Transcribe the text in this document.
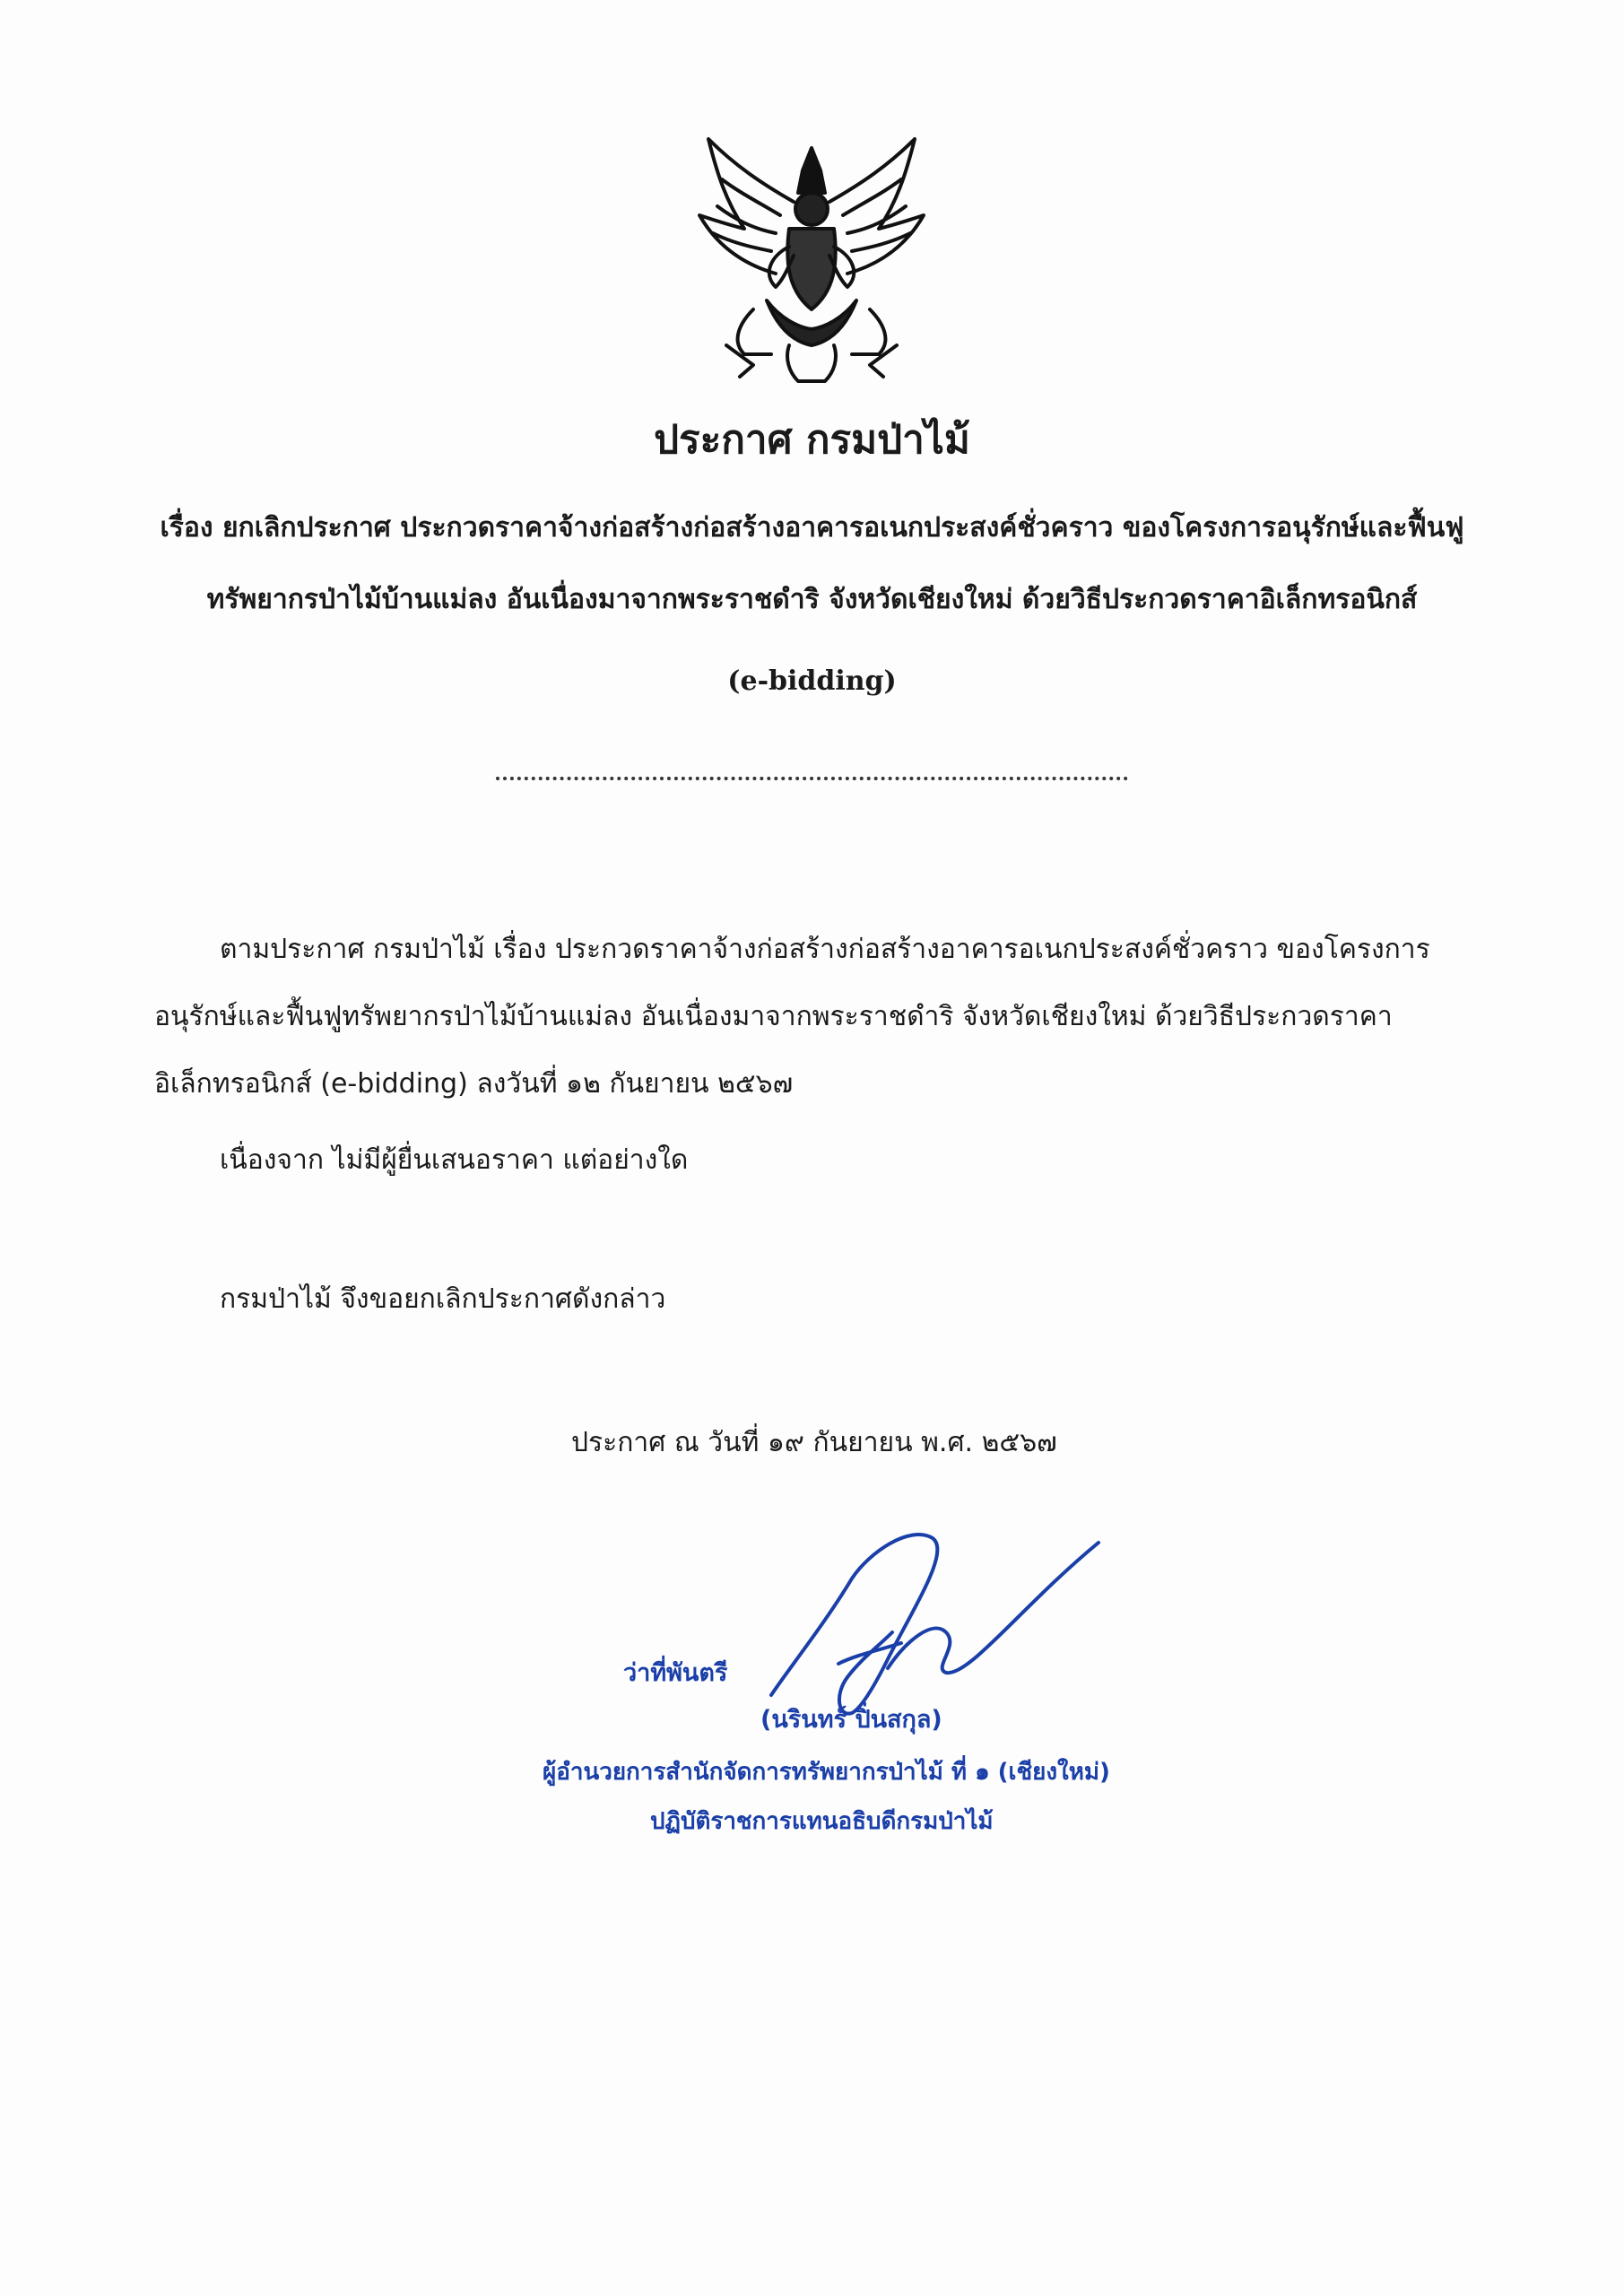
ประกาศ กรมป่าไม้
เรื่อง ยกเลิกประกาศ ประกวดราคาจ้างก่อสร้างก่อสร้างอาคารอเนกประสงค์ชั่วคราว ของโครงการอนุรักษ์และฟื้นฟู
ทรัพยากรป่าไม้บ้านแม่ลง อันเนื่องมาจากพระราชดำริ จังหวัดเชียงใหม่ ด้วยวิธีประกวดราคาอิเล็กทรอนิกส์
(e-bidding)
ตามประกาศ กรมป่าไม้ เรื่อง ประกวดราคาจ้างก่อสร้างก่อสร้างอาคารอเนกประสงค์ชั่วคราว ของโครงการ
อนุรักษ์และฟื้นฟูทรัพยากรป่าไม้บ้านแม่ลง อันเนื่องมาจากพระราชดำริ จังหวัดเชียงใหม่ ด้วยวิธีประกวดราคา
อิเล็กทรอนิกส์ (e-bidding) ลงวันที่ ๑๒ กันยายน ๒๕๖๗
เนื่องจาก ไม่มีผู้ยื่นเสนอราคา แต่อย่างใด
กรมป่าไม้ จึงขอยกเลิกประกาศดังกล่าว
ประกาศ ณ วันที่ ๑๙ กันยายน พ.ศ. ๒๕๖๗
ว่าที่พันตรี
(นรินทร์ ปิ่นสกุล)
ผู้อำนวยการสำนักจัดการทรัพยากรป่าไม้ ที่ ๑ (เชียงใหม่)
ปฏิบัติราชการแทนอธิบดีกรมป่าไม้
